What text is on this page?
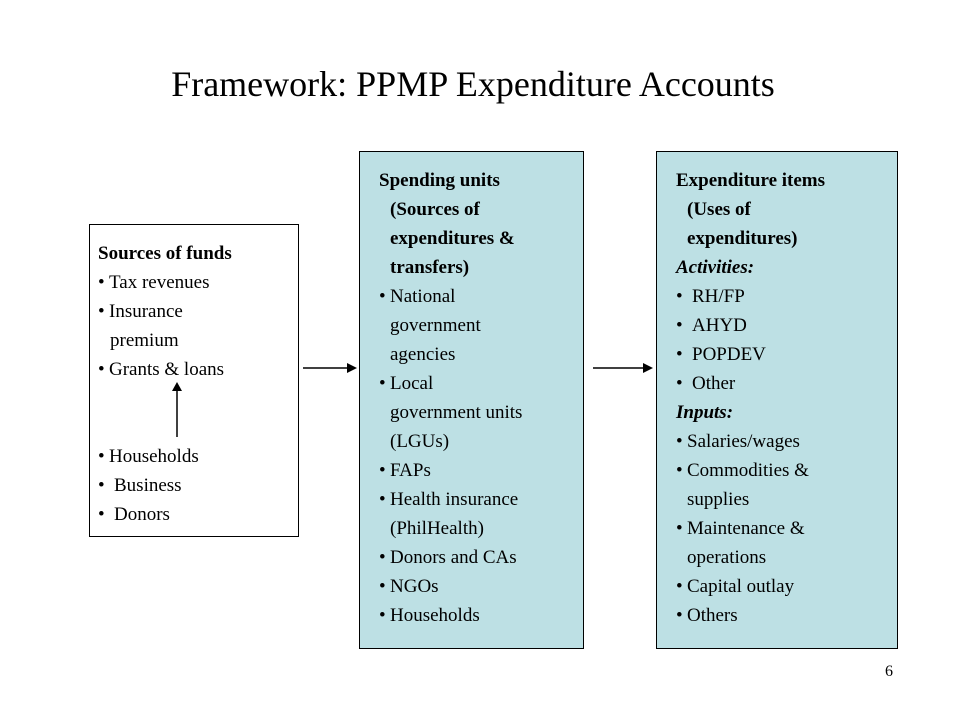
Framework: PPMP Expenditure Accounts
Sources of funds
• Tax revenues
• Insurance
premium
• Grants & loans
• Households
• Business
• Donors
Spending units
(Sources of
expenditures &
transfers)
• National
government
agencies
• Local
government units
(LGUs)
• FAPs
• Health insurance
(PhilHealth)
• Donors and CAs
• NGOs
• Households
Expenditure items
(Uses of
expenditures)
Activities:
• RH/FP
• AHYD
• POPDEV
• Other
Inputs:
• Salaries/wages
• Commodities &
supplies
• Maintenance &
operations
• Capital outlay
• Others
6
